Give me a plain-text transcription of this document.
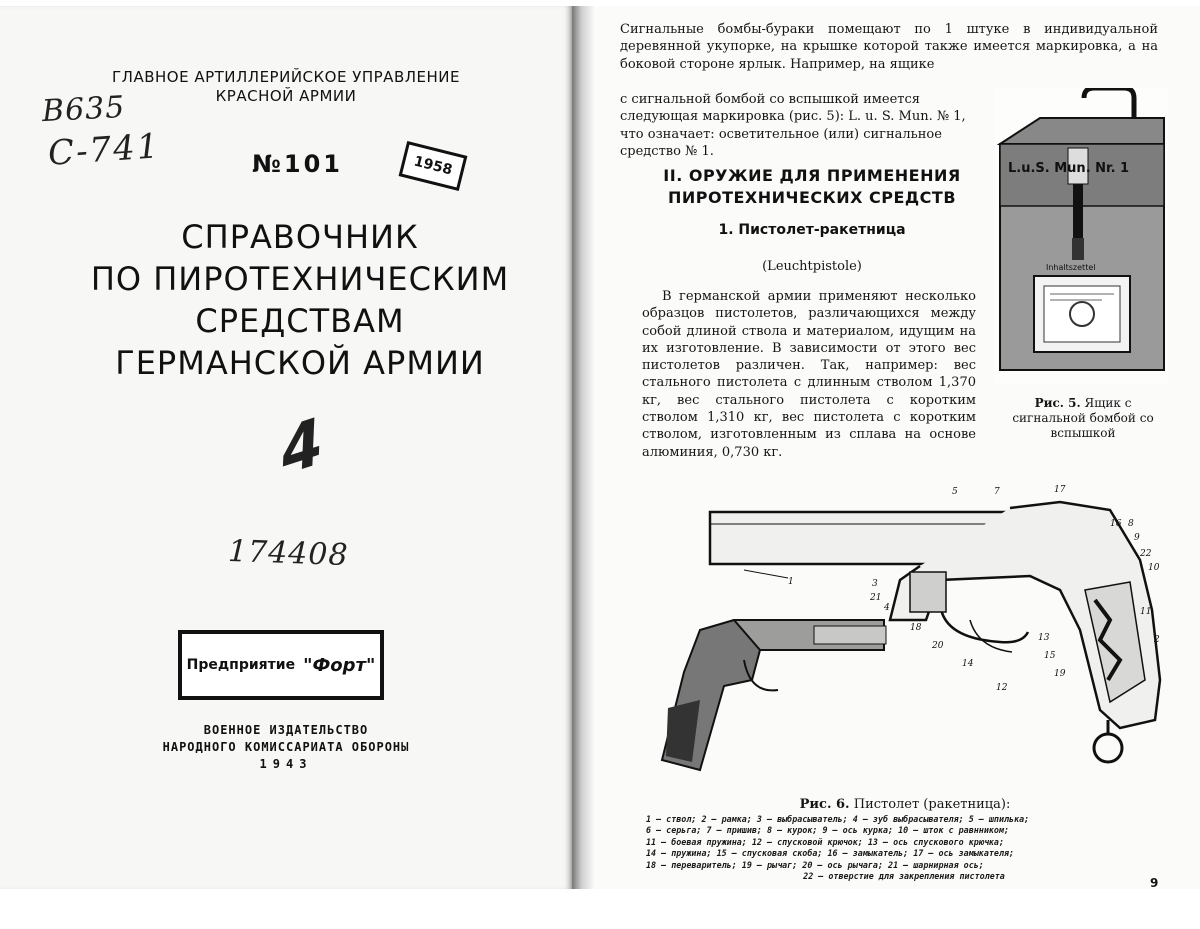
ГЛАВНОЕ АРТИЛЛЕРИЙСКОЕ УПРАВЛЕНИЕ
КРАСНОЙ АРМИИ
В635
С-741	№101	1958
СПРАВОЧНИК
ПО ПИРОТЕХНИЧЕСКИМ
СРЕДСТВАМ
ГЕРМАНСКОЙ АРМИИ
4
174408
Предприятие "Форт"
ВОЕННОЕ ИЗДАТЕЛЬСТВО
НАРОДНОГО КОМИССАРИАТА ОБОРОНЫ
1943
Сигнальные бомбы-бураки помещают по 1 штуке в индивидуальной деревянной укупорке, на крышке которой также имеется маркировка, а на боковой стороне ярлык. Например, на ящике
с сигнальной бомбой со вспышкой имеется следующая маркировка (рис. 5): L. u. S. Mun. № 1, что означает: осветительное (или) сигнальное средство № 1.
II. ОРУЖИЕ ДЛЯ ПРИМЕНЕНИЯ
ПИРОТЕХНИЧЕСКИХ СРЕДСТВ
1. Пистолет-ракетница
(Leuchtpistole)
В германской армии применяют несколько образцов пистолетов, различающихся между собой длиной ствола и материалом, идущим на их изготовление. В зависимости от этого вес пистолетов различен. Так, например: вес стального пистолета с длинным стволом 1,370 кг, вес стального пистолета с коротким стволом 1,310 кг, вес пистолета с коротким стволом, изготовленным из сплава на основе алюминия, 0,730 кг.
L.u.S. Mun. Nr. 1
Inhaltszettel
Рис. 5. Ящик с сигнальной бомбой со вспышкой
5	7	17
16 8
9
22
10
11
2
1	3
21
4
18
20
14
13
15
12
19
Рис. 6. Пистолет (ракетница):
1 — ствол; 2 — рамка; 3 — выбрасыватель; 4 — зуб выбрасывателя; 5 — шпилька;
6 — серьга; 7 — пришив; 8 — курок; 9 — ось курка; 10 — шток с равнником;
11 — боевая пружина; 12 — спусковой крючок; 13 — ось спускового крючка;
14 — пружина; 15 — спусковая скоба; 16 — замыкатель; 17 — ось замыкателя;
18 — переваритель; 19 — рычаг; 20 — ось рычага; 21 — шарнирная ось;
22 — отверстие для закрепления пистолета	9
